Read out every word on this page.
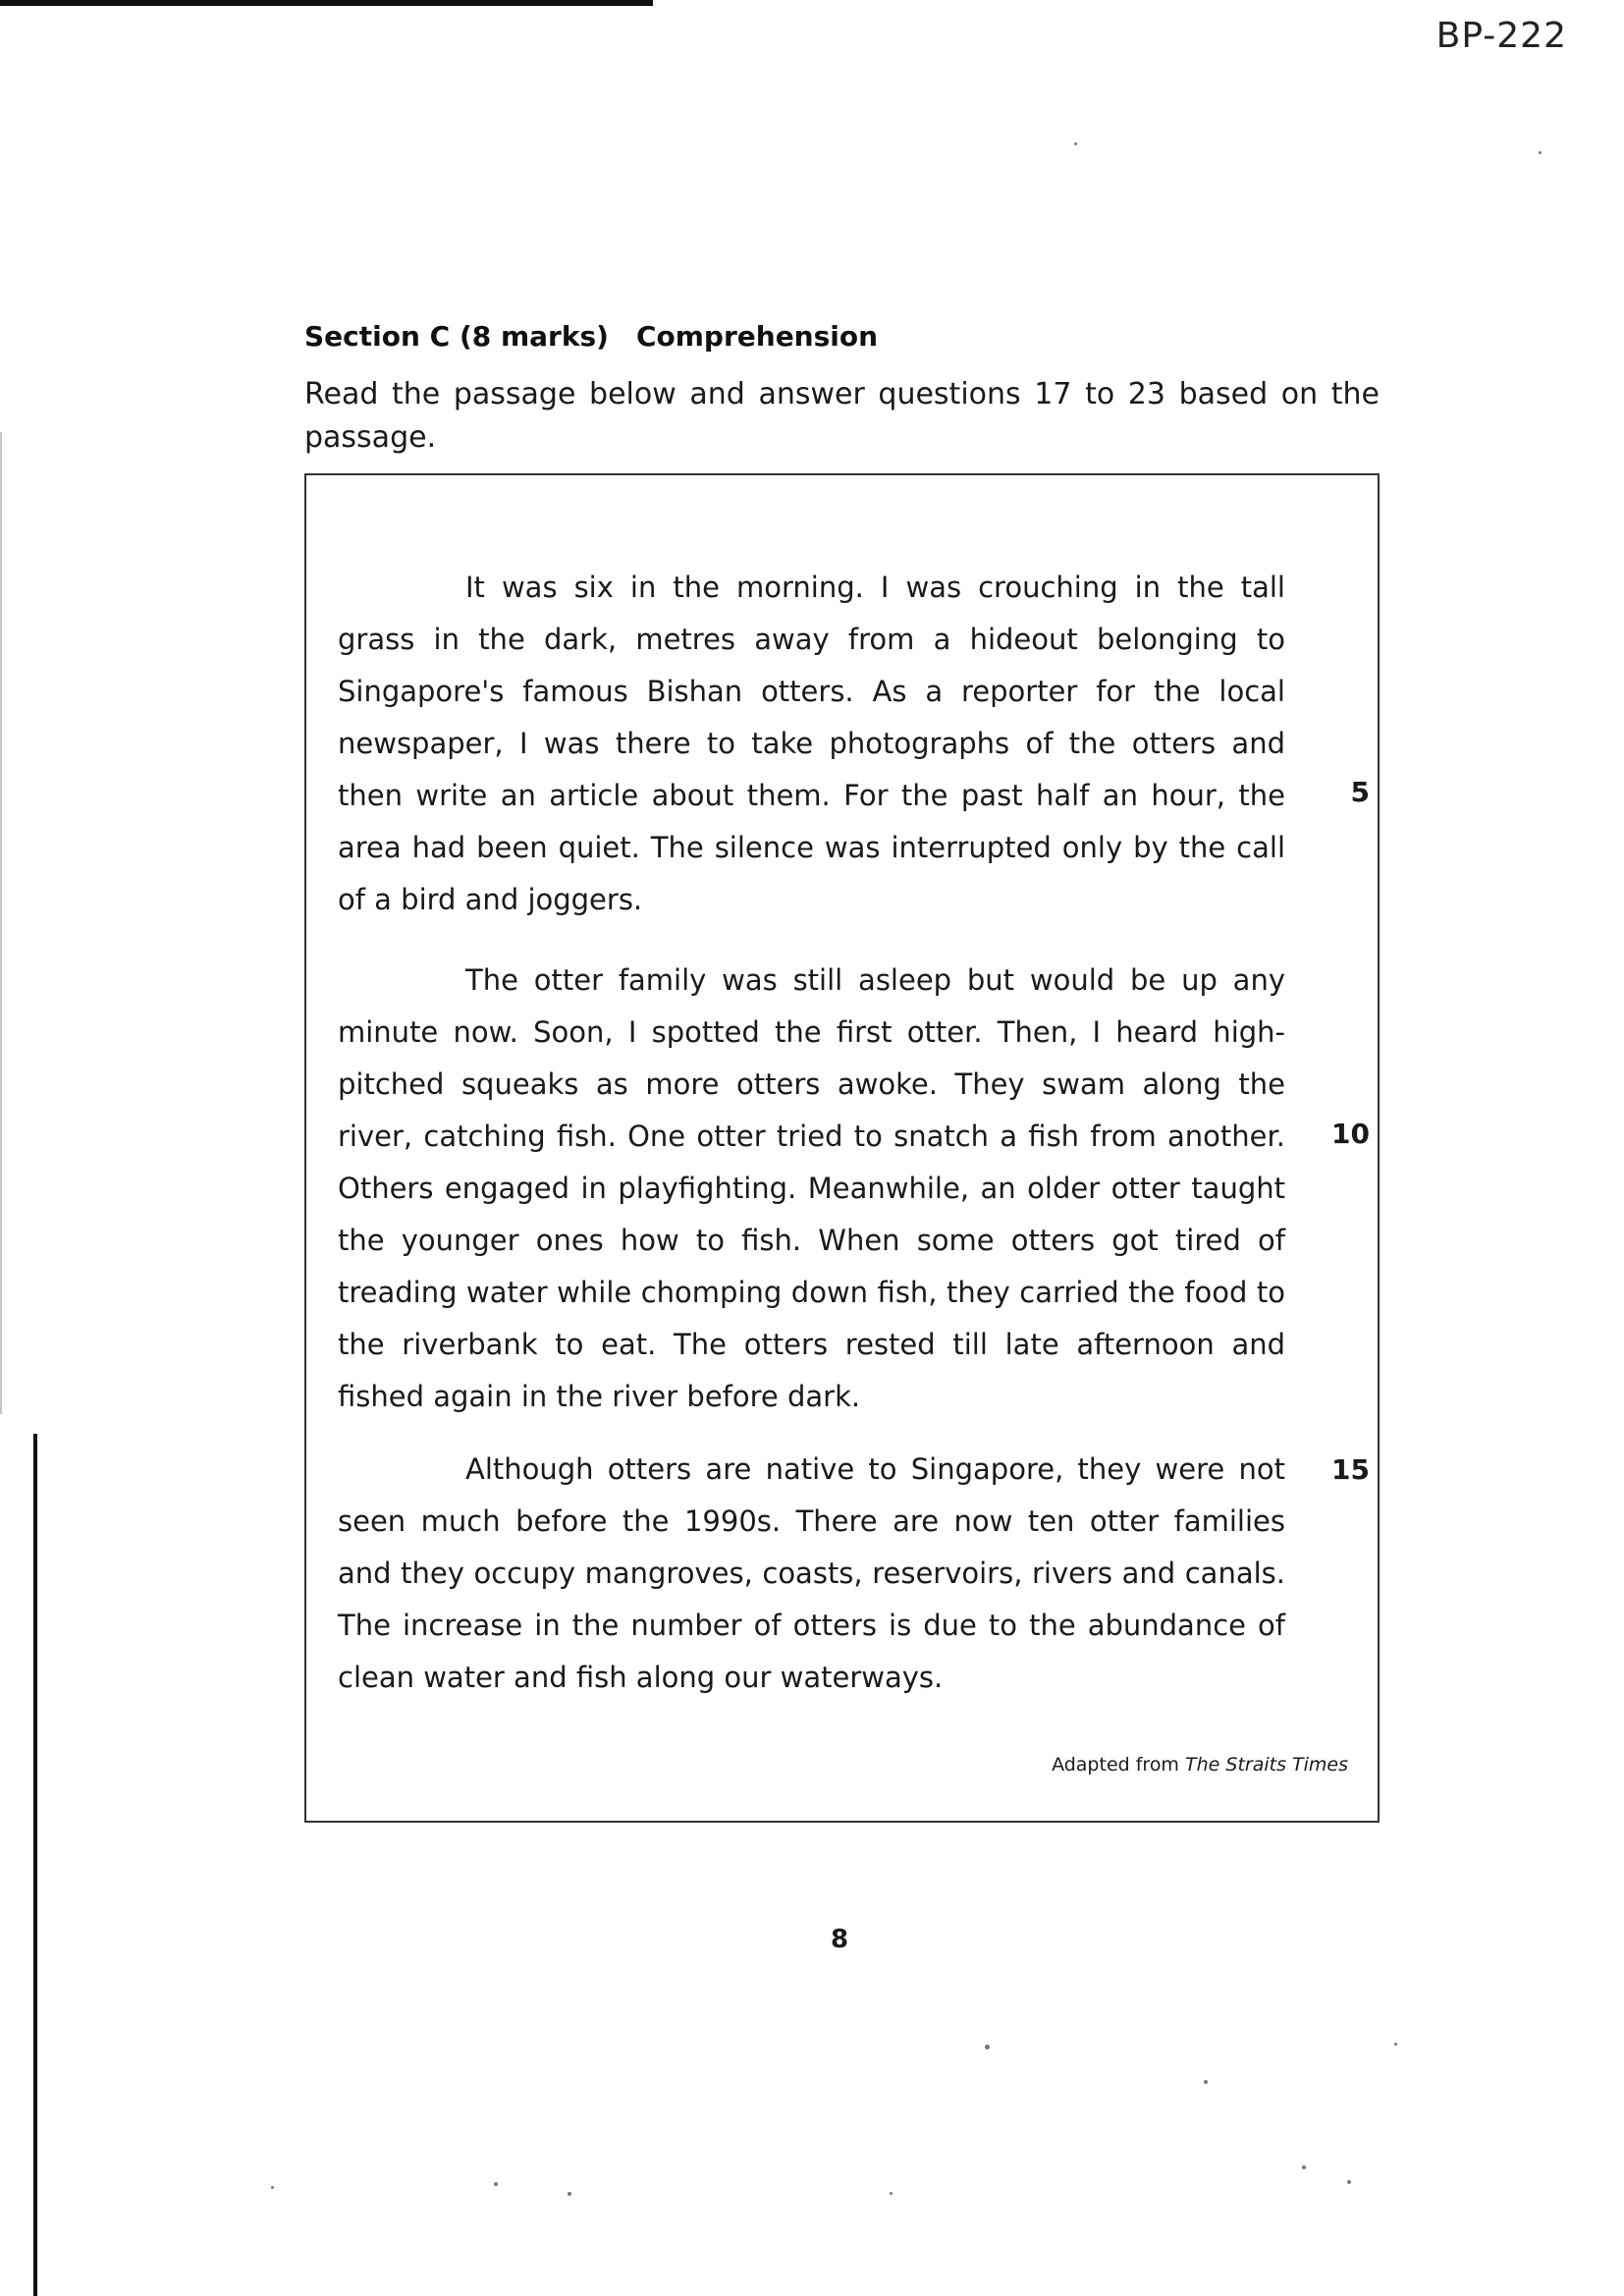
BP-222
Section C (8 marks) Comprehension
Read the passage below and answer questions 17 to 23 based on the passage.

It was six in the morning. I was crouching in the tall grass in the dark, metres away from a hideout belonging to Singapore's famous Bishan otters. As a reporter for the local newspaper, I was there to take photographs of the otters and then write an article about them. For the past half an hour, the area had been quiet. The silence was interrupted only by the call of a bird and joggers.

The otter family was still asleep but would be up any minute now. Soon, I spotted the first otter. Then, I heard high-pitched squeaks as more otters awoke. They swam along the river, catching fish. One otter tried to snatch a fish from another. Others engaged in playfighting. Meanwhile, an older otter taught the younger ones how to fish. When some otters got tired of treading water while chomping down fish, they carried the food to the riverbank to eat. The otters rested till late afternoon and fished again in the river before dark.

Although otters are native to Singapore, they were not seen much before the 1990s. There are now ten otter families and they occupy mangroves, coasts, reservoirs, rivers and canals. The increase in the number of otters is due to the abundance of clean water and fish along our waterways.

5
10
15
Adapted from The Straits Times
8
